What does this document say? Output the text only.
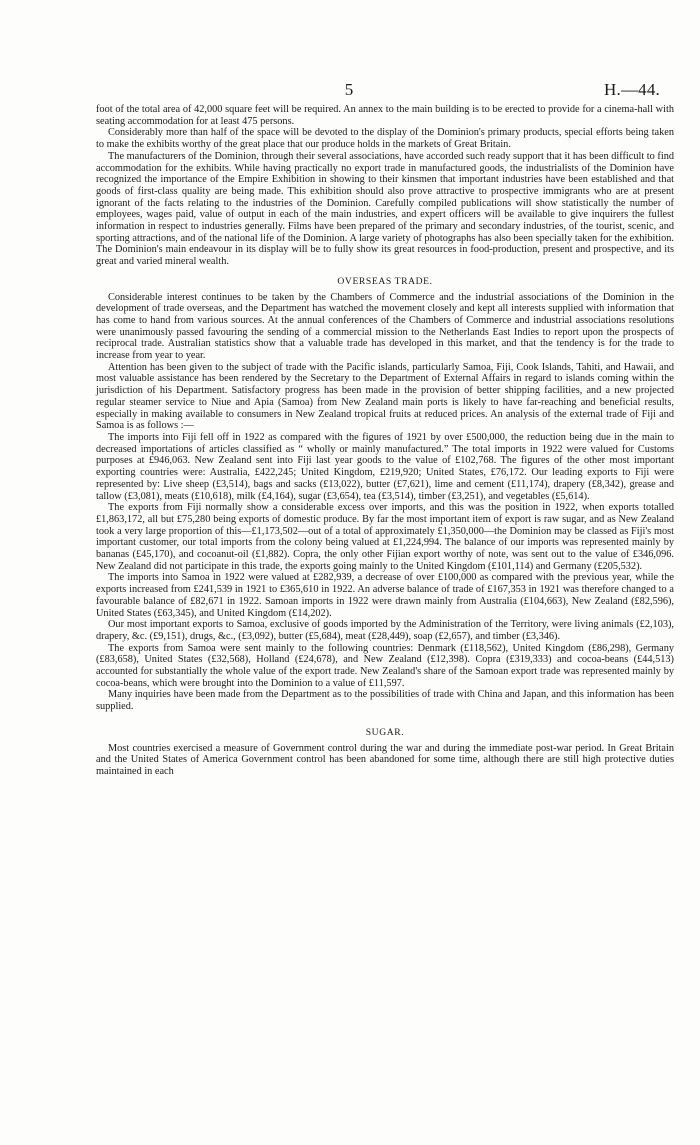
5	H.—44.

foot of the total area of 42,000 square feet will be required. An annex to the main building is to be erected to provide for a cinema-hall with seating accommodation for at least 475 persons.

Considerably more than half of the space will be devoted to the display of the Dominion's primary products, special efforts being taken to make the exhibits worthy of the great place that our produce holds in the markets of Great Britain.

The manufacturers of the Dominion, through their several associations, have accorded such ready support that it has been difficult to find accommodation for the exhibits. While having practically no export trade in manufactured goods, the industrialists of the Dominion have recognized the importance of the Empire Exhibition in showing to their kinsmen that important industries have been established and that goods of first-class quality are being made. This exhibition should also prove attractive to prospective immigrants who are at present ignorant of the facts relating to the industries of the Dominion. Carefully compiled publications will show statistically the number of employees, wages paid, value of output in each of the main industries, and expert officers will be available to give inquirers the fullest information in respect to industries generally. Films have been prepared of the primary and secondary industries, of the tourist, scenic, and sporting attractions, and of the national life of the Dominion. A large variety of photographs has also been specially taken for the exhibition. The Dominion's main endeavour in its display will be to fully show its great resources in food-production, present and prospective, and its great and varied mineral wealth.

OVERSEAS TRADE.

Considerable interest continues to be taken by the Chambers of Commerce and the industrial associations of the Dominion in the development of trade overseas, and the Department has watched the movement closely and kept all interests supplied with information that has come to hand from various sources. At the annual conferences of the Chambers of Commerce and industrial associations resolutions were unanimously passed favouring the sending of a commercial mission to the Netherlands East Indies to report upon the prospects of reciprocal trade. Australian statistics show that a valuable trade has developed in this market, and that the tendency is for the trade to increase from year to year.

Attention has been given to the subject of trade with the Pacific islands, particularly Samoa, Fiji, Cook Islands, Tahiti, and Hawaii, and most valuable assistance has been rendered by the Secretary to the Department of External Affairs in regard to islands coming within the jurisdiction of his Department. Satisfactory progress has been made in the provision of better shipping facilities, and a new projected regular steamer service to Niue and Apia (Samoa) from New Zealand main ports is likely to have far-reaching and beneficial results, especially in making available to consumers in New Zealand tropical fruits at reduced prices. An analysis of the external trade of Fiji and Samoa is as follows :—

The imports into Fiji fell off in 1922 as compared with the figures of 1921 by over £500,000, the reduction being due in the main to decreased importations of articles classified as “ wholly or mainly manufactured.” The total imports in 1922 were valued for Customs purposes at £946,063. New Zealand sent into Fiji last year goods to the value of £102,768. The figures of the other most important exporting countries were: Australia, £422,245; United Kingdom, £219,920; United States, £76,172. Our leading exports to Fiji were represented by: Live sheep (£3,514), bags and sacks (£13,022), butter (£7,621), lime and cement (£11,174), drapery (£8,342), grease and tallow (£3,081), meats (£10,618), milk (£4,164), sugar (£3,654), tea (£3,514), timber (£3,251), and vegetables (£5,614).

The exports from Fiji normally show a considerable excess over imports, and this was the position in 1922, when exports totalled £1,863,172, all but £75,280 being exports of domestic produce. By far the most important item of export is raw sugar, and as New Zealand took a very large proportion of this—£1,173,502—out of a total of approximately £1,350,000—the Dominion may be classed as Fiji's most important customer, our total imports from the colony being valued at £1,224,994. The balance of our imports was represented mainly by bananas (£45,170), and cocoanut-oil (£1,882). Copra, the only other Fijian export worthy of note, was sent out to the value of £346,096. New Zealand did not participate in this trade, the exports going mainly to the United Kingdom (£101,114) and Germany (£205,532).

The imports into Samoa in 1922 were valued at £282,939, a decrease of over £100,000 as compared with the previous year, while the exports increased from £241,539 in 1921 to £365,610 in 1922. An adverse balance of trade of £167,353 in 1921 was therefore changed to a favourable balance of £82,671 in 1922. Samoan imports in 1922 were drawn mainly from Australia (£104,663), New Zealand (£82,596), United States (£63,345), and United Kingdom (£14,202).

Our most important exports to Samoa, exclusive of goods imported by the Administration of the Territory, were living animals (£2,103), drapery, &c. (£9,151), drugs, &c., (£3,092), butter (£5,684), meat (£28,449), soap (£2,657), and timber (£3,346).

The exports from Samoa were sent mainly to the following countries: Denmark (£118,562), United Kingdom (£86,298), Germany (£83,658), United States (£32,568), Holland (£24,678), and New Zealand (£12,398). Copra (£319,333) and cocoa-beans (£44,513) accounted for substantially the whole value of the export trade. New Zealand's share of the Samoan export trade was represented mainly by cocoa-beans, which were brought into the Dominion to a value of £11,597.

Many inquiries have been made from the Department as to the possibilities of trade with China and Japan, and this information has been supplied.

SUGAR.

Most countries exercised a measure of Government control during the war and during the immediate post-war period. In Great Britain and the United States of America Government control has been abandoned for some time, although there are still high protective duties maintained in each
